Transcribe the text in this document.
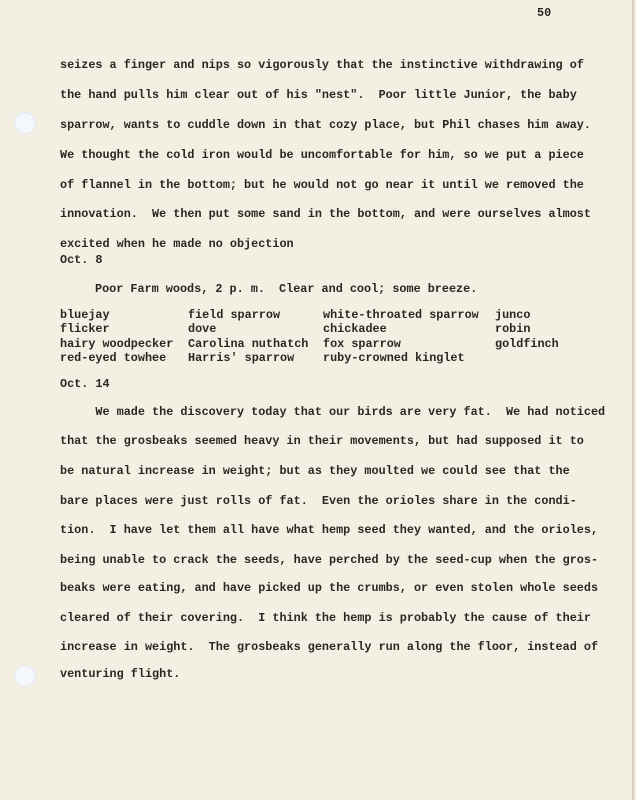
50
seizes a finger and nips so vigorously that the instinctive withdrawing of
the hand pulls him clear out of his "nest".  Poor little Junior, the baby
sparrow, wants to cuddle down in that cozy place, but Phil chases him away.
We thought the cold iron would be uncomfortable for him, so we put a piece
of flannel in the bottom; but he would not go near it until we removed the
innovation.  We then put some sand in the bottom, and were ourselves almost
excited when he made no objection
Oct. 8
Poor Farm woods, 2 p. m.  Clear and cool; some breeze.
bluejay
flicker
hairy woodpecker
red-eyed towhee
field sparrow
dove
Carolina nuthatch
Harris' sparrow
white-throated sparrow
chickadee
fox sparrow
ruby-crowned kinglet
junco
robin
goldfinch
Oct. 14
We made the discovery today that our birds are very fat.  We had noticed
that the grosbeaks seemed heavy in their movements, but had supposed it to
be natural increase in weight; but as they moulted we could see that the
bare places were just rolls of fat.  Even the orioles share in the condi-
tion.  I have let them all have what hemp seed they wanted, and the orioles,
being unable to crack the seeds, have perched by the seed-cup when the gros-
beaks were eating, and have picked up the crumbs, or even stolen whole seeds
cleared of their covering.  I think the hemp is probably the cause of their
increase in weight.  The grosbeaks generally run along the floor, instead of
venturing flight.
